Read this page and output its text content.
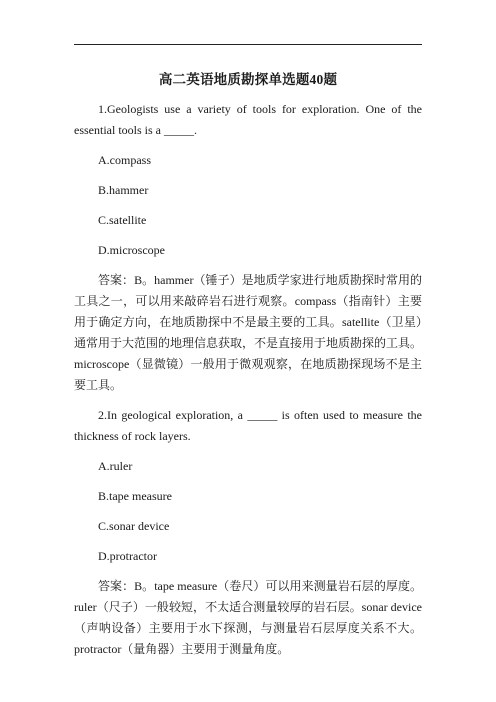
高二英语地质勘探单选题40题

1.Geologists use a variety of tools for exploration. One of the essential tools is a _____.

A.compass

B.hammer

C.satellite

D.microscope

答案：B。hammer（锤子）是地质学家进行地质勘探时常用的工具之一，可以用来敲碎岩石进行观察。compass（指南针）主要用于确定方向，在地质勘探中不是最主要的工具。satellite（卫星）通常用于大范围的地理信息获取，不是直接用于地质勘探的工具。microscope（显微镜）一般用于微观观察，在地质勘探现场不是主要工具。

2.In geological exploration, a _____ is often used to measure the thickness of rock layers.

A.ruler

B.tape measure

C.sonar device

D.protractor

答案：B。tape measure（卷尺）可以用来测量岩石层的厚度。ruler（尺子）一般较短，不太适合测量较厚的岩石层。sonar device（声呐设备）主要用于水下探测，与测量岩石层厚度关系不大。protractor（量角器）主要用于测量角度。
